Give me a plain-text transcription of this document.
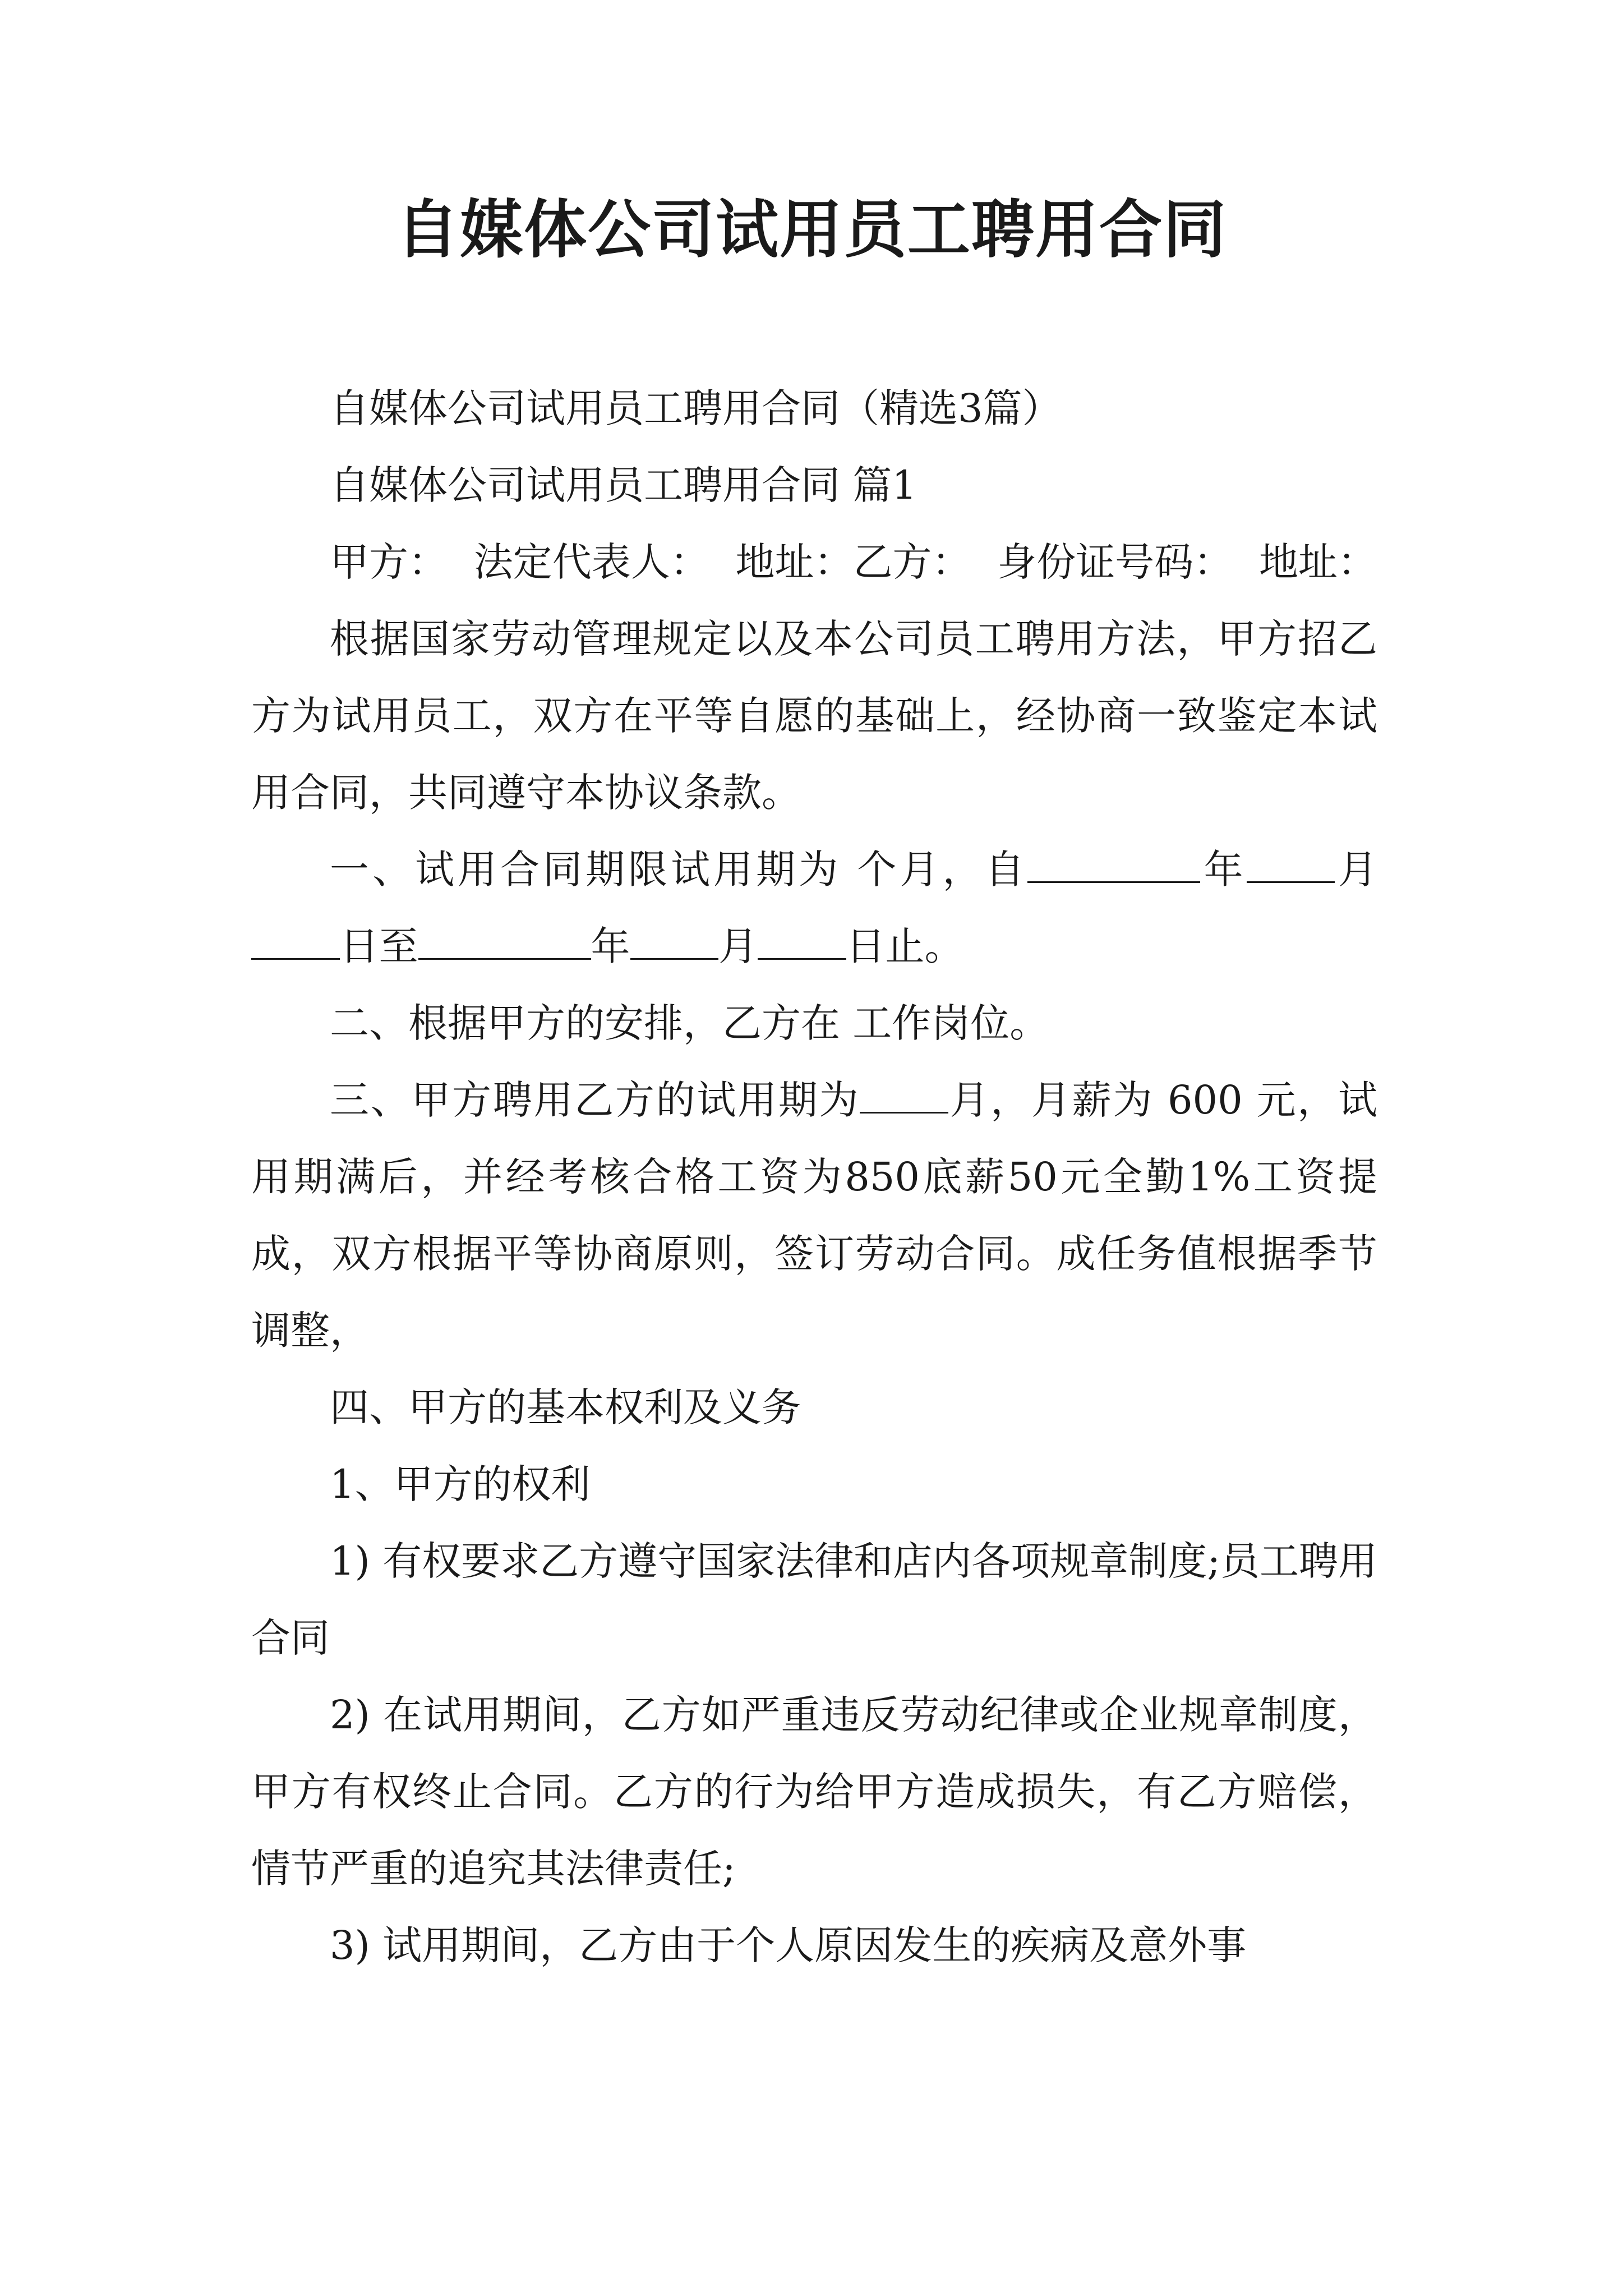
自媒体公司试用员工聘用合同

自媒体公司试用员工聘用合同（精选3篇）

自媒体公司试用员工聘用合同 篇1

甲方： 法定代表人： 地址：乙方： 身份证号码： 地址：

根据国家劳动管理规定以及本公司员工聘用方法，甲方招乙方为试用员工，双方在平等自愿的基础上，经协商一致鉴定本试用合同，共同遵守本协议条款。

一、试用合同期限试用期为 个月，自	年 月日至	年 月 日止。

二、根据甲方的安排，乙方在 工作岗位。

三、甲方聘用乙方的试用期为 月，月薪为 600 元，试用期满后，并经考核合格工资为850底薪50元全勤1%工资提成，双方根据平等协商原则，签订劳动合同。成任务值根据季节调整，

四、甲方的基本权利及义务

1、甲方的权利

1) 有权要求乙方遵守国家法律和店内各项规章制度;员工聘用合同

2) 在试用期间，乙方如严重违反劳动纪律或企业规章制度，甲方有权终止合同。乙方的行为给甲方造成损失，有乙方赔偿，情节严重的追究其法律责任;

3) 试用期间，乙方由于个人原因发生的疾病及意外事
